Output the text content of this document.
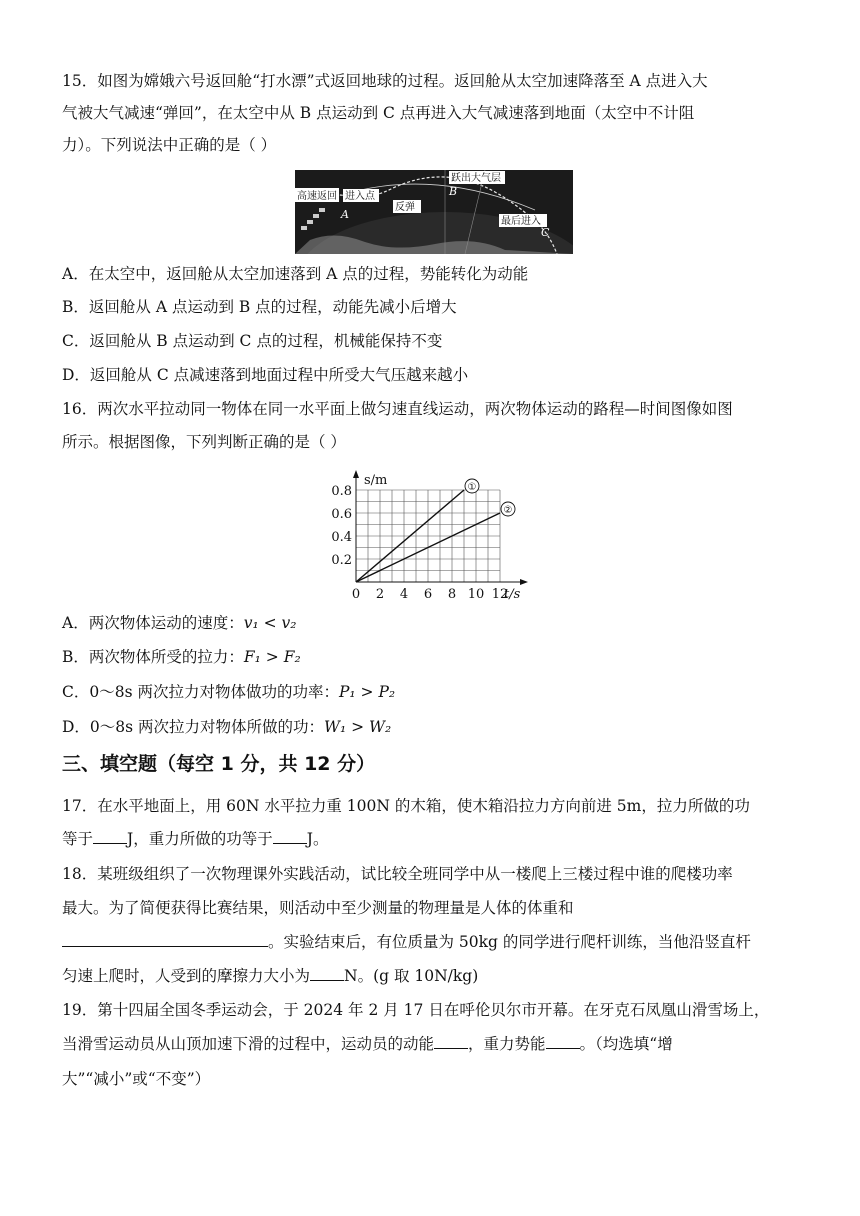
15．如图为嫦娥六号返回舱“打水漂”式返回地球的过程。返回舱从太空加速降落至 A 点进入大
气被大气减速“弹回”，在太空中从 B 点运动到 C 点再进入大气减速落到地面（太空中不计阻
力）。下列说法中正确的是（ ）
高速返回 进入点
A
反弹
跃出大气层
B
最后进入
C
A．在太空中，返回舱从太空加速落到 A 点的过程，势能转化为动能
B．返回舱从 A 点运动到 B 点的过程，动能先减小后增大
C．返回舱从 B 点运动到 C 点的过程，机械能保持不变
D．返回舱从 C 点减速落到地面过程中所受大气压越来越小
16．两次水平拉动同一物体在同一水平面上做匀速直线运动，两次物体运动的路程—时间图像如图
所示。根据图像，下列判断正确的是（ ）
s/m
t/s
0 2 4 6 8 10 12
0.2
0.4
0.6
0.8	①
②
A．两次物体运动的速度：v₁ < v₂
B．两次物体所受的拉力：F₁ > F₂
C．0～8s 两次拉力对物体做功的功率：P₁ > P₂
D．0～8s 两次拉力对物体所做的功：W₁ > W₂
三、填空题（每空 1 分，共 12 分）
17．在水平地面上，用 60N 水平拉力重 100N 的木箱，使木箱沿拉力方向前进 5m，拉力所做的功
等于 J，重力所做的功等于 J。
18．某班级组织了一次物理课外实践活动，试比较全班同学中从一楼爬上三楼过程中谁的爬楼功率
最大。为了简便获得比赛结果，则活动中至少测量的物理量是人体的体重和
。实验结束后，有位质量为 50kg 的同学进行爬杆训练，当他沿竖直杆
匀速上爬时，人受到的摩擦力大小为 N。(g 取 10N/kg)
19．第十四届全国冬季运动会，于 2024 年 2 月 17 日在呼伦贝尔市开幕。在牙克石凤凰山滑雪场上，
当滑雪运动员从山顶加速下滑的过程中，运动员的动能 ，重力势能 。（均选填“增
大”“减小”或“不变”）
